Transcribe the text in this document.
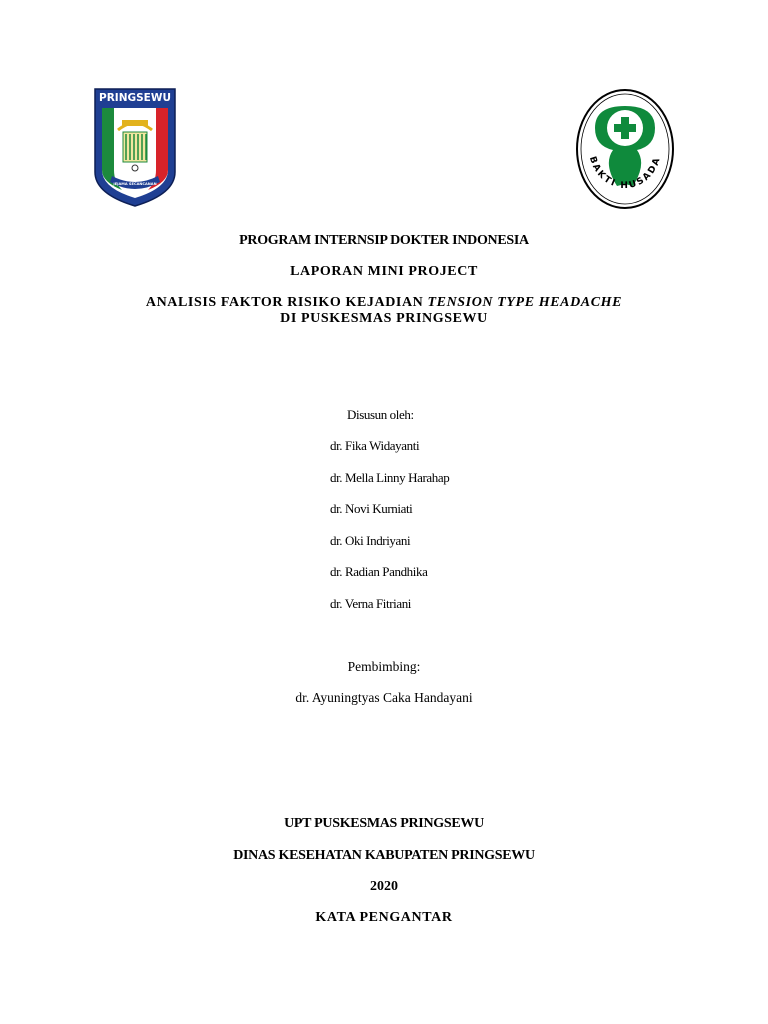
PRINGSEWU
JEJAMA SECANCANAN
BAKTI HUSADA
PROGRAM INTERNSIP DOKTER INDONESIA
LAPORAN MINI PROJECT
ANALISIS FAKTOR RISIKO KEJADIAN TENSION TYPE HEADACHE
DI PUSKESMAS PRINGSEWU
Disusun oleh:
dr. Fika Widayanti
dr. Mella Linny Harahap
dr. Novi Kurniati
dr. Oki Indriyani
dr. Radian Pandhika
dr. Verna Fitriani
Pembimbing:
dr. Ayuningtyas Caka Handayani
UPT PUSKESMAS PRINGSEWU
DINAS KESEHATAN KABUPATEN PRINGSEWU
2020
KATA PENGANTAR
